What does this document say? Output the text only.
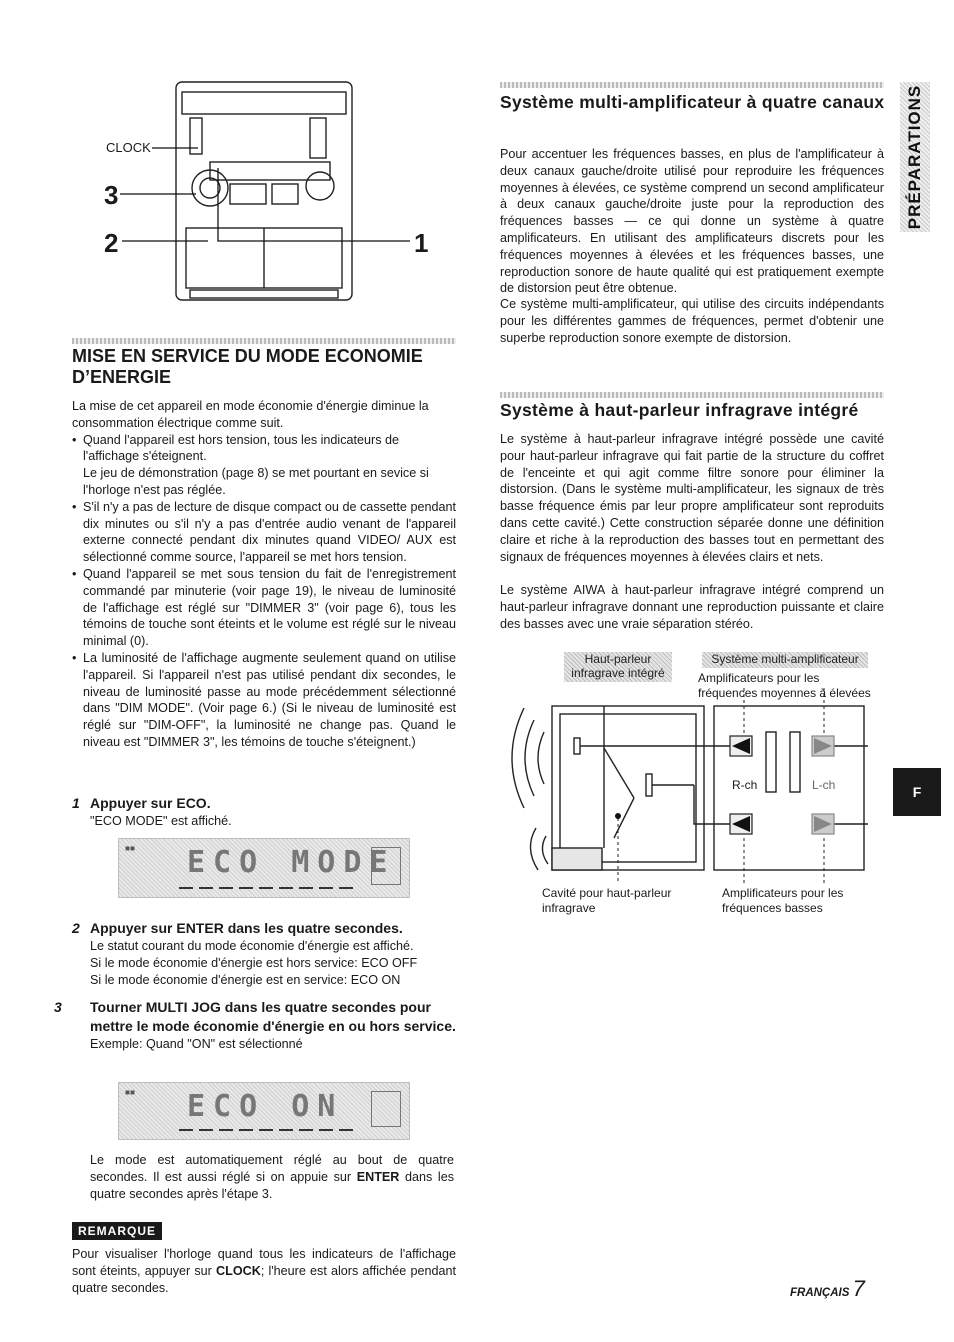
CLOCK
3
2	1
MISE EN SERVICE DU MODE ECONOMIE D’ENERGIE

La mise de cet appareil en mode économie d'énergie diminue la consommation électrique comme suit.

• Quand l'appareil est hors tension, tous les indicateurs de l'affichage s'éteignent.
Le jeu de démonstration (page 8) se met pourtant en sevice si l'horloge n'est pas réglée.
• S'il n'y a pas de lecture de disque compact ou de cassette pendant dix minutes ou s'il n'y a pas d'entrée audio venant de l'appareil externe connecté pendant dix minutes quand VIDEO/ AUX est sélectionné comme source, l'appareil se met hors tension.
• Quand l'appareil se met sous tension du fait de l'enregistrement commandé par minuterie (voir page 19), le niveau de luminosité de l'affichage est réglé sur "DIMMER 3" (voir page 6), tous les témoins de touche sont éteints et le volume est réglé sur le niveau minimal (0).
• La luminosité de l'affichage augmente seulement quand on utilise l'appareil. Si l'appareil n'est pas utilisé pendant dix secondes, le niveau de luminosité passe au mode précédemment sélectionné dans "DIM MODE". (Voir page 6.) (Si le niveau de luminosité est réglé sur "DIM-OFF", la luminosité ne change pas. Quand le niveau est "DIMMER 3", les témoins de touche s'éteignent.)

1 Appuyer sur ECO.

"ECO MODE" est affiché.

◼◼ ECO MODE

2 Appuyer sur ENTER dans les quatre secondes.

Le statut courant du mode économie d'énergie est affiché.

Si le mode économie d'énergie est hors service: ECO OFF

Si le mode économie d'énergie est en service: ECO ON

3 Tourner MULTI JOG dans les quatre secondes pour mettre le mode économie d'énergie en ou hors service.

Exemple: Quand "ON" est sélectionné

◼◼ ECO ON
Le mode est automatiquement réglé au bout de quatre secondes. Il est aussi réglé si on appuie sur ENTER dans les quatre secondes après l'étape 3.
REMARQUE

Pour visualiser l'horloge quand tous les indicateurs de l'affichage sont éteints, appuyer sur CLOCK; l'heure est alors affichée pendant quatre secondes.

Système multi-amplificateur à quatre canaux

Pour accentuer les fréquences basses, en plus de l'amplificateur à deux canaux gauche/droite utilisé pour reproduire les fréquences moyennes à élevées, ce système comprend un second amplificateur à deux canaux gauche/droite juste pour la reproduction des fréquences basses — ce qui donne un système à quatre amplificateurs. En utilisant des amplificateurs discrets pour les fréquences moyennes à élevées et les fréquences basses, une reproduction sonore de haute qualité qui est pratiquement exempte de distorsion peut être obtenue.

Ce système multi-amplificateur, qui utilise des circuits indépendants pour les différentes gammes de fréquences, permet d'obtenir une superbe reproduction sonore exempte de distorsion.

Système à haut-parleur infragrave intégré

Le système à haut-parleur infragrave intégré possède une cavité pour haut-parleur infragrave qui fait partie de la structure du coffret de l'enceinte et qui agit comme filtre sonore pour éliminer la distorsion. (Dans le système multi-amplificateur, les signaux de très basse fréquence émis par leur propre amplificateur sont reproduits dans cette cavité.) Cette construction séparée donne une définition claire et riche à la reproduction des basses tout en permettant des signaux de fréquences moyennes à élevées clairs et nets.

Le système AIWA à haut-parleur infragrave intégré comprend un haut-parleur infragrave donnant une reproduction puissante et claire des basses avec une vraie séparation stéréo.

Haut-parleur infragrave intégré
Système multi-amplificateur
Amplificateurs pour les fréquences moyennes à élevées
R-ch	L-ch
Cavité pour haut-parleur infragrave
Amplificateurs pour les fréquences basses
PRÉPARATIONS
F
FRANÇAIS 7
